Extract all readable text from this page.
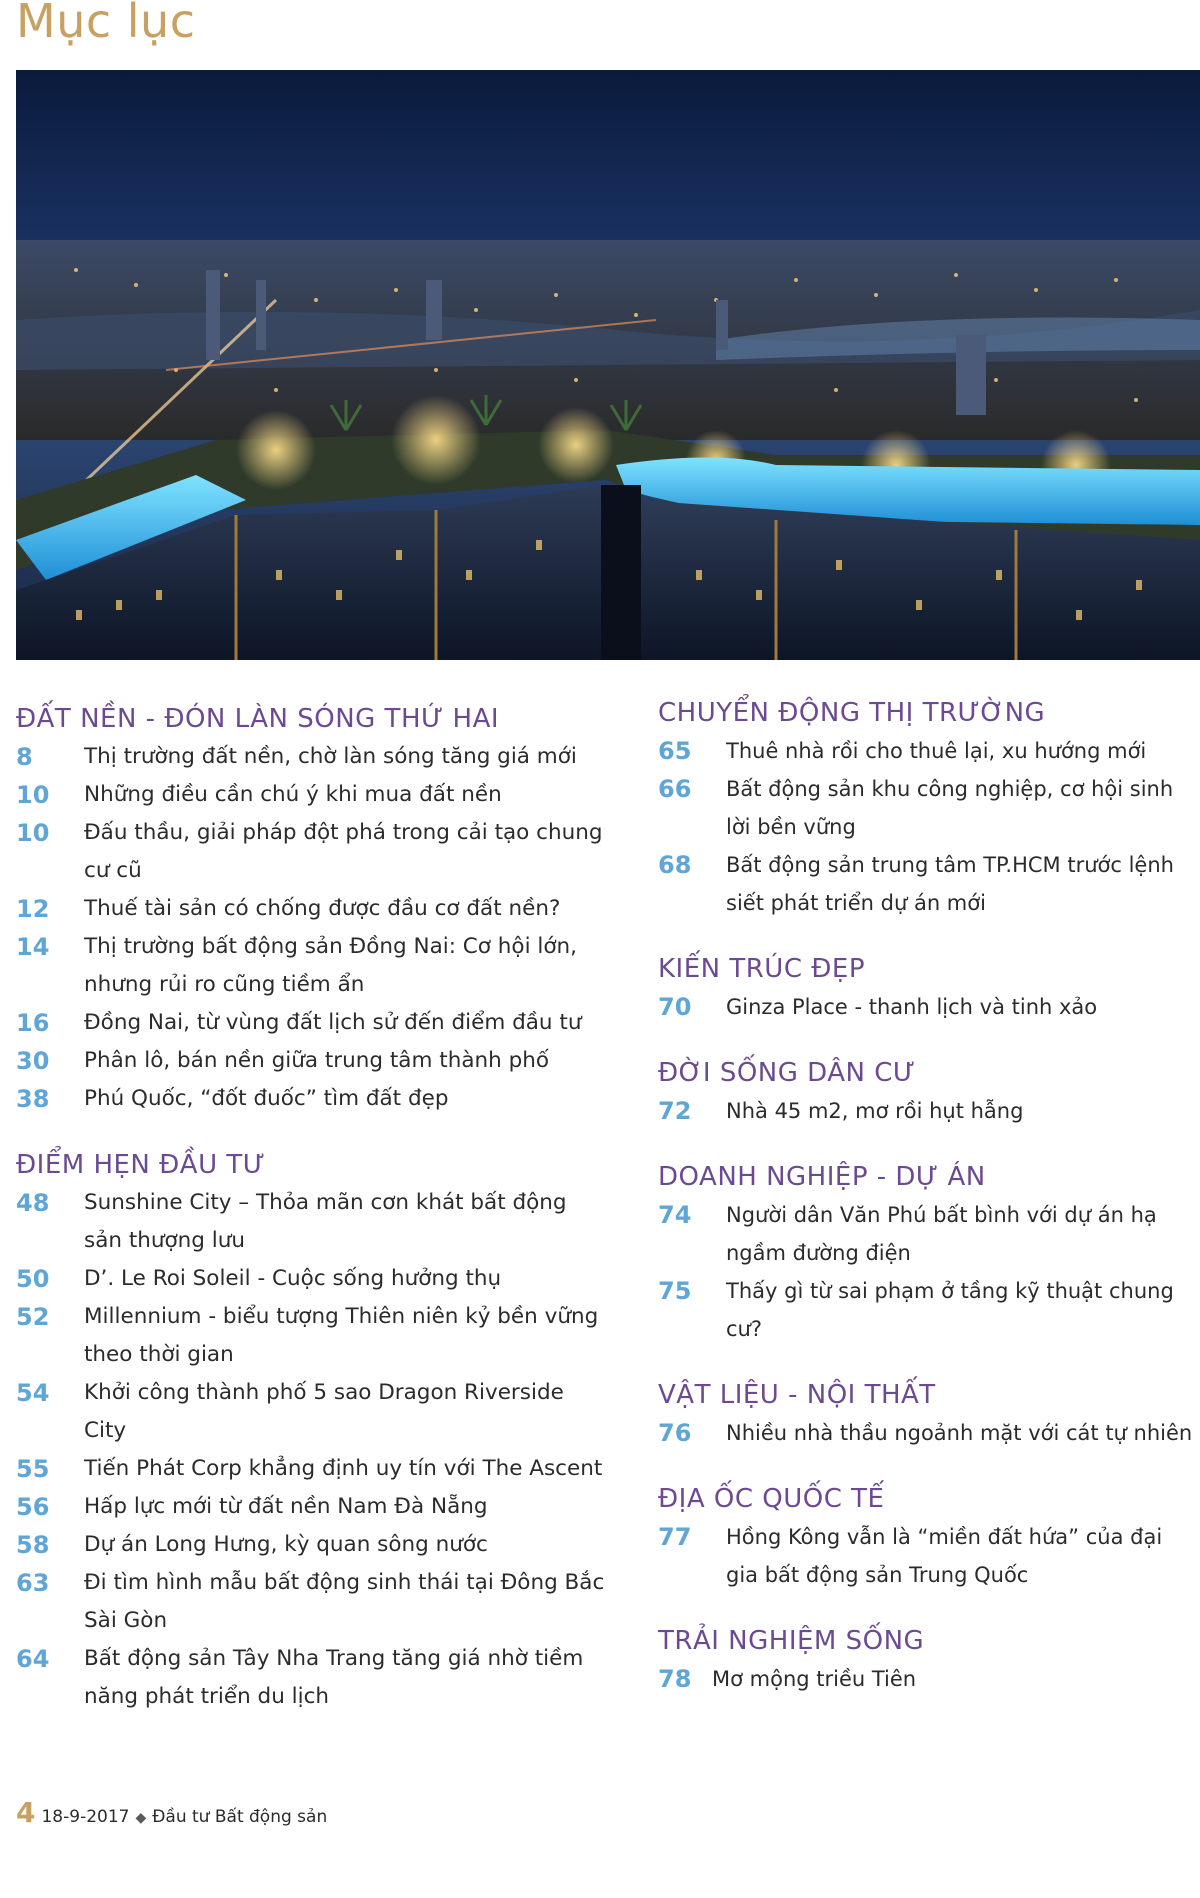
Mục lục
ĐẤT NỀN - ĐÓN LÀN SÓNG THỨ HAI
8	Thị trường đất nền, chờ làn sóng tăng giá mới
10	Những điều cần chú ý khi mua đất nền
10	Đấu thầu, giải pháp đột phá trong cải tạo chung cư cũ
12	Thuế tài sản có chống được đầu cơ đất nền?
14	Thị trường bất động sản Đồng Nai: Cơ hội lớn, nhưng rủi ro cũng tiềm ẩn
16	Đồng Nai, từ vùng đất lịch sử đến điểm đầu tư
30	Phân lô, bán nền giữa trung tâm thành phố
38	Phú Quốc, “đốt đuốc” tìm đất đẹp
ĐIỂM HẸN ĐẦU TƯ
48	Sunshine City – Thỏa mãn cơn khát bất động sản thượng lưu
50	D’. Le Roi Soleil - Cuộc sống hưởng thụ
52	Millennium - biểu tượng Thiên niên kỷ bền vững theo thời gian
54	Khởi công thành phố 5 sao Dragon Riverside City
55	Tiến Phát Corp khẳng định uy tín với The Ascent
56	Hấp lực mới từ đất nền Nam Đà Nẵng
58	Dự án Long Hưng, kỳ quan sông nước
63	Đi tìm hình mẫu bất động sinh thái tại Đông Bắc Sài Gòn
64	Bất động sản Tây Nha Trang tăng giá nhờ tiềm năng phát triển du lịch
CHUYỂN ĐỘNG THỊ TRƯỜNG
65	Thuê nhà rồi cho thuê lại, xu hướng mới
66	Bất động sản khu công nghiệp, cơ hội sinh lời bền vững
68	Bất động sản trung tâm TP.HCM trước lệnh siết phát triển dự án mới
KIẾN TRÚC ĐẸP
70	Ginza Place - thanh lịch và tinh xảo
ĐỜI SỐNG DÂN CƯ
72	Nhà 45 m2, mơ rồi hụt hẫng
DOANH NGHIỆP - DỰ ÁN
74	Người dân Văn Phú bất bình với dự án hạ ngầm đường điện
75	Thấy gì từ sai phạm ở tầng kỹ thuật chung cư?
VẬT LIỆU - NỘI THẤT
76	Nhiều nhà thầu ngoảnh mặt với cát tự nhiên
ĐỊA ỐC QUỐC TẾ
77	Hồng Kông vẫn là “miền đất hứa” của đại gia bất động sản Trung Quốc
TRẢI NGHIỆM SỐNG
78 Mơ mộng triều Tiên
4 18-9-2017 ◆ Đầu tư Bất động sản
